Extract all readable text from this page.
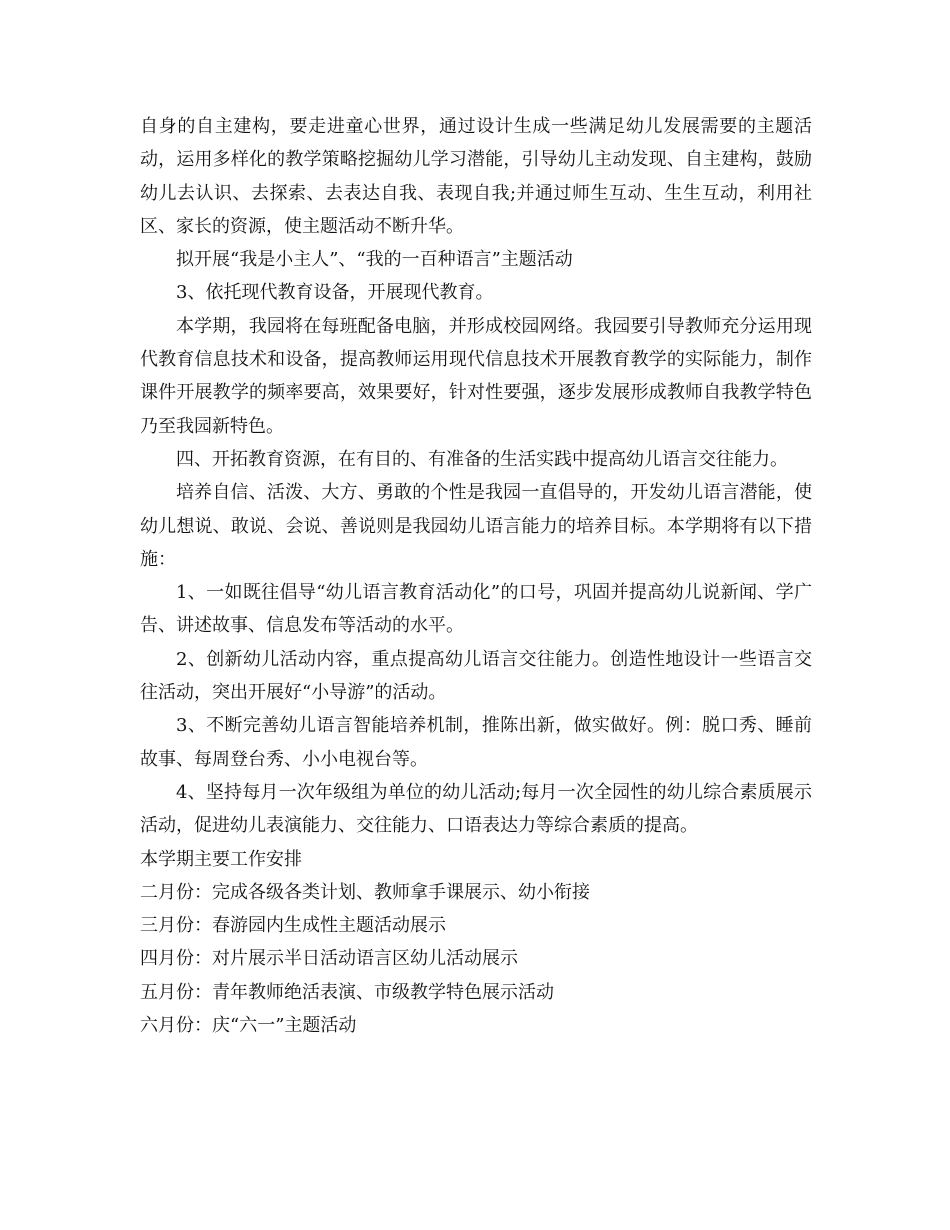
自身的自主建构，要走进童心世界，通过设计生成一些满足幼儿发展需要的主题活动，运用多样化的教学策略挖掘幼儿学习潜能，引导幼儿主动发现、自主建构，鼓励幼儿去认识、去探索、去表达自我、表现自我;并通过师生互动、生生互动，利用社区、家长的资源，使主题活动不断升华。

拟开展“我是小主人”、“我的一百种语言”主题活动

3、依托现代教育设备，开展现代教育。

本学期，我园将在每班配备电脑，并形成校园网络。我园要引导教师充分运用现代教育信息技术和设备，提高教师运用现代信息技术开展教育教学的实际能力，制作课件开展教学的频率要高，效果要好，针对性要强，逐步发展形成教师自我教学特色乃至我园新特色。

四、开拓教育资源，在有目的、有准备的生活实践中提高幼儿语言交往能力。

培养自信、活泼、大方、勇敢的个性是我园一直倡导的，开发幼儿语言潜能，使幼儿想说、敢说、会说、善说则是我园幼儿语言能力的培养目标。本学期将有以下措施：

1、一如既往倡导“幼儿语言教育活动化”的口号，巩固并提高幼儿说新闻、学广告、讲述故事、信息发布等活动的水平。

2、创新幼儿活动内容，重点提高幼儿语言交往能力。创造性地设计一些语言交往活动，突出开展好“小导游”的活动。

3、不断完善幼儿语言智能培养机制，推陈出新，做实做好。例：脱口秀、睡前故事、每周登台秀、小小电视台等。

4、坚持每月一次年级组为单位的幼儿活动;每月一次全园性的幼儿综合素质展示活动，促进幼儿表演能力、交往能力、口语表达力等综合素质的提高。

本学期主要工作安排

二月份：完成各级各类计划、教师拿手课展示、幼小衔接

三月份：春游园内生成性主题活动展示

四月份：对片展示半日活动语言区幼儿活动展示

五月份：青年教师绝活表演、市级教学特色展示活动

六月份：庆“六一”主题活动
